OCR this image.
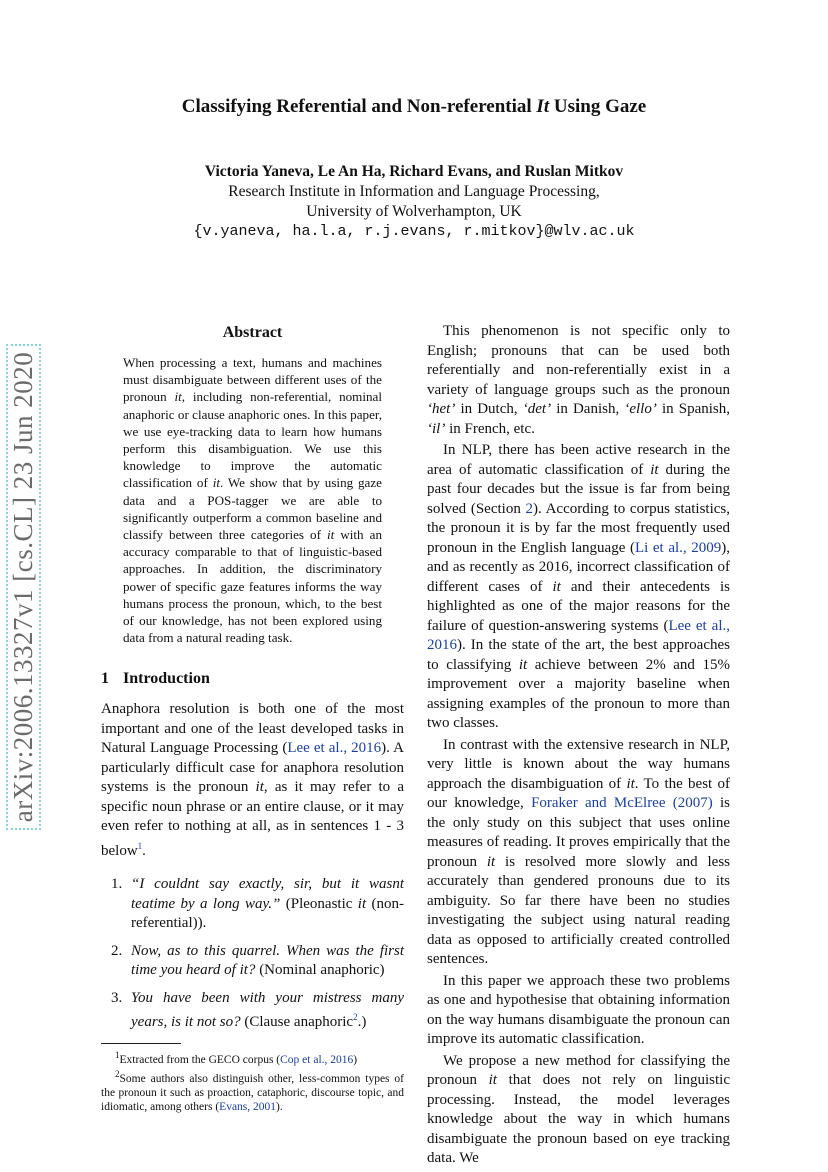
Classifying Referential and Non-referential It Using Gaze
Victoria Yaneva, Le An Ha, Richard Evans, and Ruslan Mitkov
Research Institute in Information and Language Processing,
University of Wolverhampton, UK
{v.yaneva, ha.l.a, r.j.evans, r.mitkov}@wlv.ac.uk
arXiv:2006.13327v1 [cs.CL] 23 Jun 2020
Abstract
When processing a text, humans and machines must disambiguate between different uses of the pronoun it, including non-referential, nominal anaphoric or clause anaphoric ones. In this paper, we use eye-tracking data to learn how humans perform this disambiguation. We use this knowledge to improve the automatic classification of it. We show that by using gaze data and a POS-tagger we are able to significantly outperform a common baseline and classify between three categories of it with an accuracy comparable to that of linguistic-based approaches. In addition, the discriminatory power of specific gaze features informs the way humans process the pronoun, which, to the best of our knowledge, has not been explored using data from a natural reading task.
1 Introduction

Anaphora resolution is both one of the most important and one of the least developed tasks in Natural Language Processing (Lee et al., 2016). A particularly difficult case for anaphora resolution systems is the pronoun it, as it may refer to a specific noun phrase or an entire clause, or it may even refer to nothing at all, as in sentences 1 - 3 below$^1$.

1. “I couldnt say exactly, sir, but it wasnt teatime by a long way.” (Pleonastic it (non-referential)).
2. Now, as to this quarrel. When was the first time you heard of it? (Nominal anaphoric)
3. You have been with your mistress many years, is it not so? (Clause anaphoric$^2$.)

$^1$Extracted from the GECO corpus (Cop et al., 2016)

$^2$Some authors also distinguish other, less-common types of the pronoun it such as proaction, cataphoric, discourse topic, and idiomatic, among others (Evans, 2001).

This phenomenon is not specific only to English; pronouns that can be used both referentially and non-referentially exist in a variety of language groups such as the pronoun ‘het’ in Dutch, ‘det’ in Danish, ‘ello’ in Spanish, ‘il’ in French, etc.

In NLP, there has been active research in the area of automatic classification of it during the past four decades but the issue is far from being solved (Section 2). According to corpus statistics, the pronoun it is by far the most frequently used pronoun in the English language (Li et al., 2009), and as recently as 2016, incorrect classification of different cases of it and their antecedents is highlighted as one of the major reasons for the failure of question-answering systems (Lee et al., 2016). In the state of the art, the best approaches to classifying it achieve between 2% and 15% improvement over a majority baseline when assigning examples of the pronoun to more than two classes.

In contrast with the extensive research in NLP, very little is known about the way humans approach the disambiguation of it. To the best of our knowledge, Foraker and McElree (2007) is the only study on this subject that uses online measures of reading. It proves empirically that the pronoun it is resolved more slowly and less accurately than gendered pronouns due to its ambiguity. So far there have been no studies investigating the subject using natural reading data as opposed to artificially created controlled sentences.

In this paper we approach these two problems as one and hypothesise that obtaining information on the way humans disambiguate the pronoun can improve its automatic classification.

We propose a new method for classifying the pronoun it that does not rely on linguistic processing. Instead, the model leverages knowledge about the way in which humans disambiguate the pronoun based on eye tracking data. We
